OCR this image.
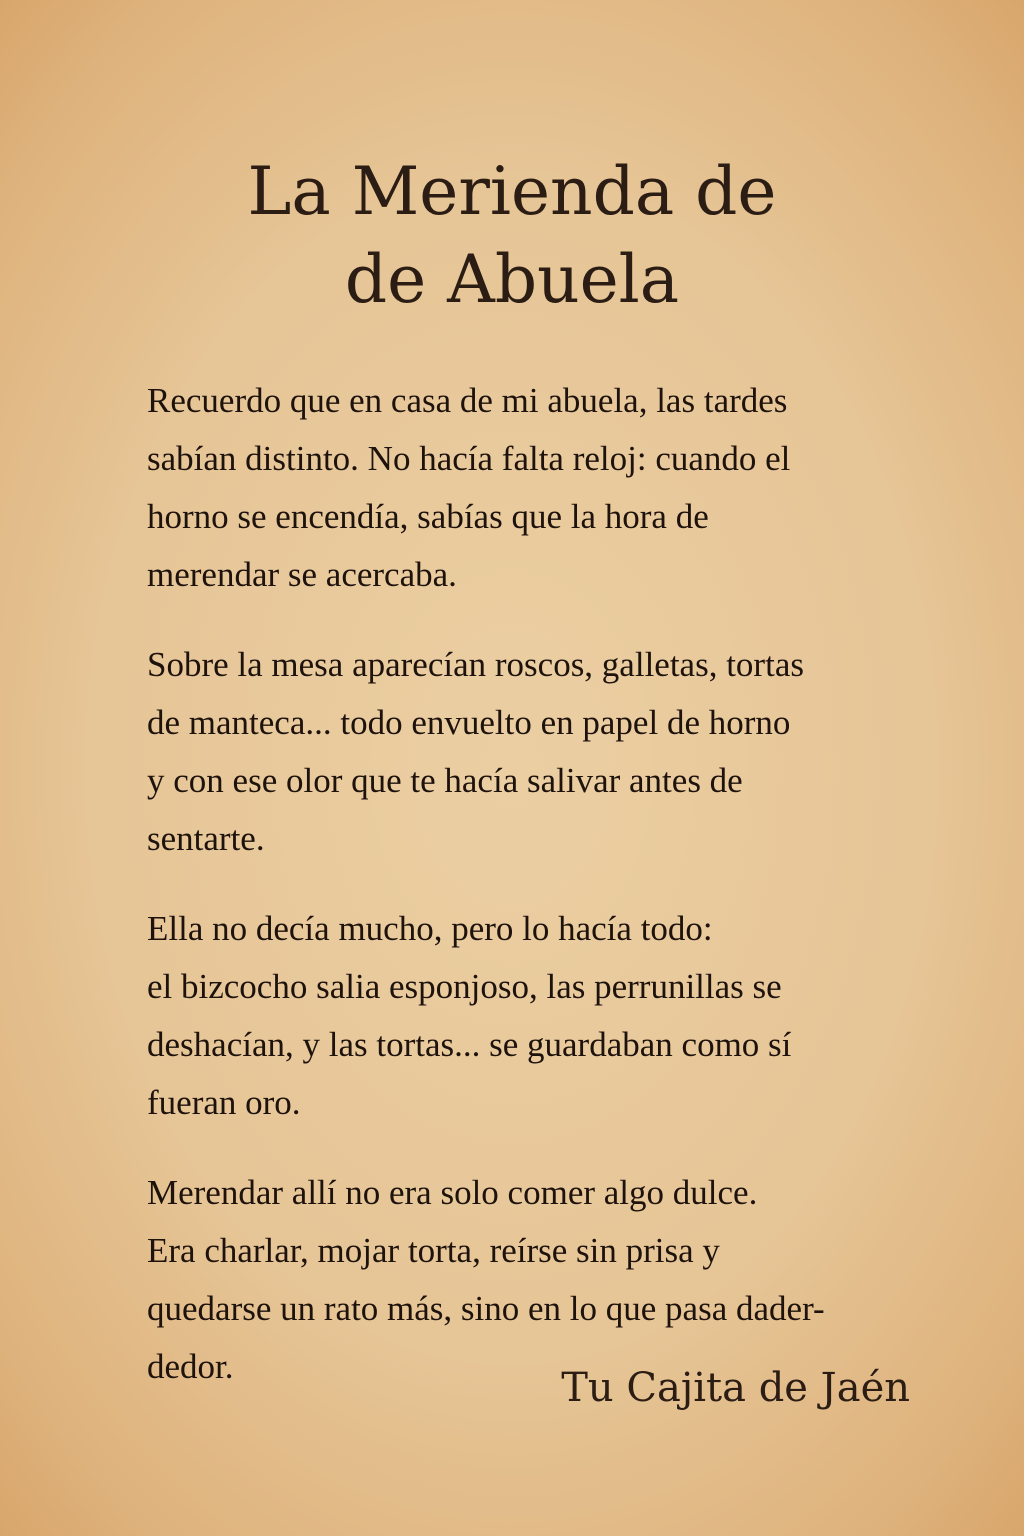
La Merienda de
de Abuela

Recuerdo que en casa de mi abuela, las tardes
sabían distinto. No hacía falta reloj: cuando el
horno se encendía, sabías que la hora de
merendar se acercaba.

Sobre la mesa aparecían roscos, galletas, tortas
de manteca... todo envuelto en papel de horno
y con ese olor que te hacía salivar antes de
sentarte.

Ella no decía mucho, pero lo hacía todo:
el bizcocho salia esponjoso, las perrunillas se
deshacían, y las tortas... se guardaban como sí
fueran oro.

Merendar allí no era solo comer algo dulce.
Era charlar, mojar torta, reírse sin prisa y
quedarse un rato más, sino en lo que pasa dader-
dedor.	Tu Cajita de Jaén
